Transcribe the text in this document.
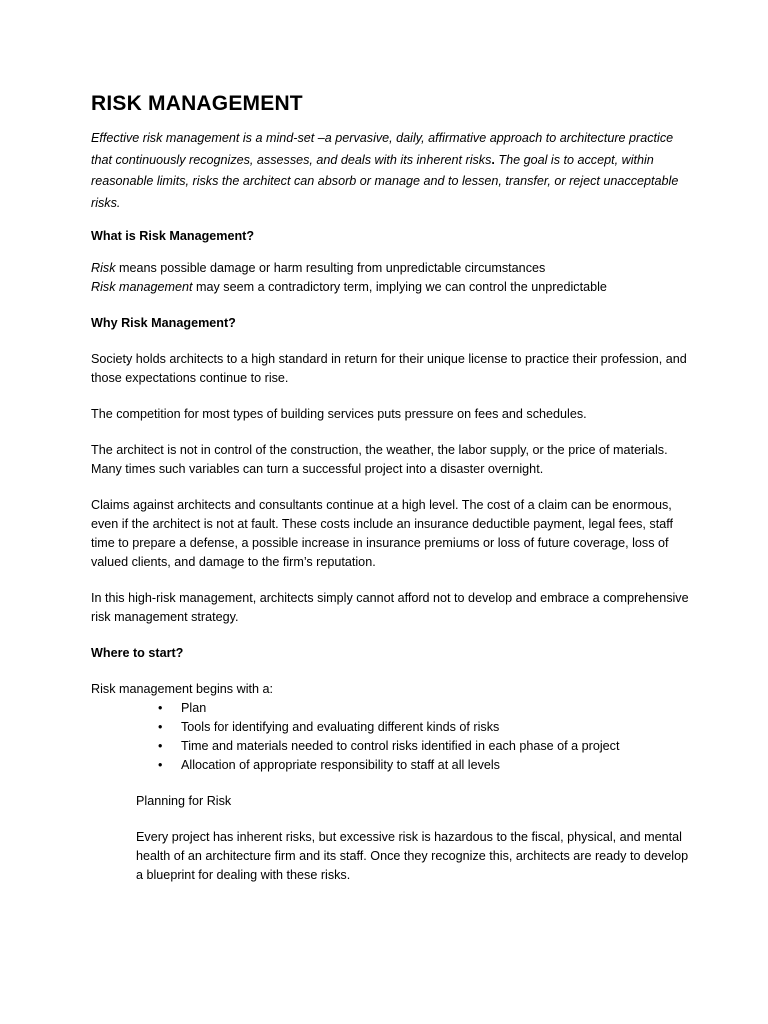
RISK MANAGEMENT
Effective risk management is a mind-set –a pervasive, daily, affirmative approach to architecture practice that continuously recognizes, assesses, and deals with its inherent risks. The goal is to accept, within reasonable limits, risks the architect can absorb or manage and to lessen, transfer, or reject unacceptable risks.
What is Risk Management?
Risk means possible damage or harm resulting from unpredictable circumstances
Risk management may seem a contradictory term, implying we can control the unpredictable
Why Risk Management?

Society holds architects to a high standard in return for their unique license to practice their profession, and those expectations continue to rise.

The competition for most types of building services puts pressure on fees and schedules.

The architect is not in control of the construction, the weather, the labor supply, or the price of materials. Many times such variables can turn a successful project into a disaster overnight.

Claims against architects and consultants continue at a high level. The cost of a claim can be enormous, even if the architect is not at fault. These costs include an insurance deductible payment, legal fees, staff time to prepare a defense, a possible increase in insurance premiums or loss of future coverage, loss of valued clients, and damage to the firm’s reputation.

In this high-risk management, architects simply cannot afford not to develop and embrace a comprehensive risk management strategy.

Where to start?
Risk management begins with a:
• Plan
• Tools for identifying and evaluating different kinds of risks
• Time and materials needed to control risks identified in each phase of a project
• Allocation of appropriate responsibility to staff at all levels

Planning for Risk

Every project has inherent risks, but excessive risk is hazardous to the fiscal, physical, and mental health of an architecture firm and its staff. Once they recognize this, architects are ready to develop a blueprint for dealing with these risks.
